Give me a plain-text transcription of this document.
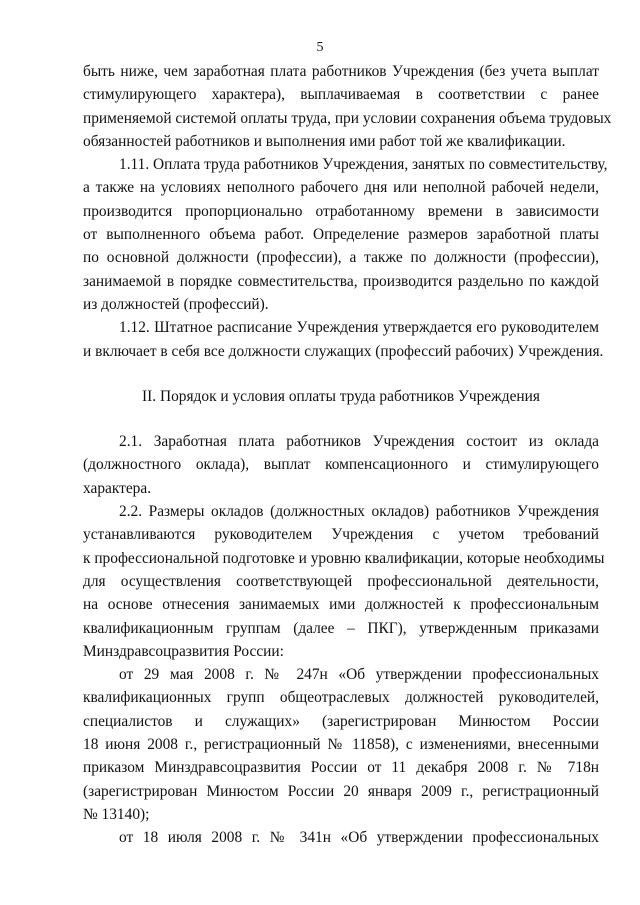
5

быть ниже, чем заработная плата работников Учреждения (без учета выплат
стимулирующего характера), выплачиваемая в соответствии с ранее
применяемой системой оплаты труда, при условии сохранения объема трудовых
обязанностей работников и выполнения ими работ той же квалификации.

1.11. Оплата труда работников Учреждения, занятых по совместительству,
а также на условиях неполного рабочего дня или неполной рабочей недели,
производится пропорционально отработанному времени в зависимости
от выполненного объема работ. Определение размеров заработной платы
по основной должности (профессии), а также по должности (профессии),
занимаемой в порядке совместительства, производится раздельно по каждой
из должностей (профессий).

1.12. Штатное расписание Учреждения утверждается его руководителем
и включает в себя все должности служащих (профессий рабочих) Учреждения.

II. Порядок и условия оплаты труда работников Учреждения

2.1. Заработная плата работников Учреждения состоит из оклада
(должностного оклада), выплат компенсационного и стимулирующего
характера.

2.2. Размеры окладов (должностных окладов) работников Учреждения
устанавливаются руководителем Учреждения с учетом требований
к профессиональной подготовке и уровню квалификации, которые необходимы
для осуществления соответствующей профессиональной деятельности,
на основе отнесения занимаемых ими должностей к профессиональным
квалификационным группам (далее – ПКГ), утвержденным приказами
Минздравсоцразвития России:

от 29 мая 2008 г. № 247н «Об утверждении профессиональных
квалификационных групп общеотраслевых должностей руководителей,
специалистов и служащих» (зарегистрирован Минюстом России
18 июня 2008 г., регистрационный № 11858), с изменениями, внесенными
приказом Минздравсоцразвития России от 11 декабря 2008 г. № 718н
(зарегистрирован Минюстом России 20 января 2009 г., регистрационный
№ 13140);

от 18 июля 2008 г. № 341н «Об утверждении профессиональных
